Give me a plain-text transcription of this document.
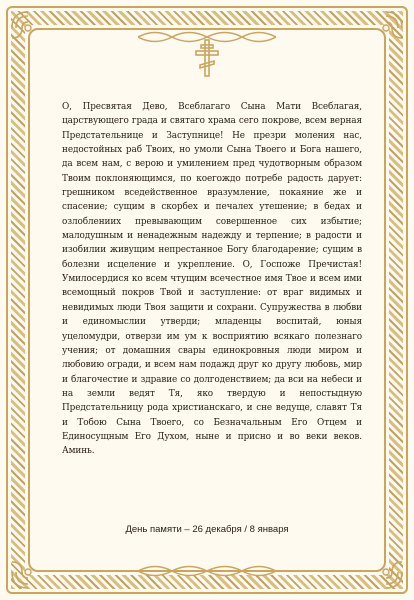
О, Пресвятая Дево, Всеблагаго Сына Мати Всеблагая, царствующего града и святаго храма сего покрове, всем верная Предстательнице и Заступнице! Не презри моления нас, недостойных раб Твоих, но умоли Сына Твоего и Бога нашего, да всем нам, с верою и умилением пред чудотворным образом Твоим поклоняющимся, по коегождо потребе радость дарует: грешником вседейственное вразумление, покаяние же и спасение; сущим в скорбех и печалех утешение; в бедах и озлоблениих превывающим совершенное сих избытие; малодушным и ненадежным надежду и терпение; в радости и изобилии живущим непрестанное Богу благодарение; сущим в болезни исцеление и укрепление. О, Госпоже Пречистая! Умилосердися ко всем чтущим всечестное имя Твое и всем ими всемощный покров Твой и заступление: от враг видимых и невидимых люди Твоя защити и сохрани. Супружества в любви и единомыслии утверди; младенцы воспитай, юныя уцеломудри, отверзи им ум к восприятию всякаго полезнаго учения; от домашния свары единокровныя люди миром и любовию огради, и всем нам подажд друг ко другу любовь, мир и благочестие и здравие со долгоденствием; да вси на небеси и на земли ведят Тя, яко твердую и непостыдную Предстательницу рода христианскаго, и сне ведуще, славят Тя и Тобою Сына Твоего, со Безначальным Его Отцем и Единосущным Его Духом, ныне и присно и во веки веков. Аминь.

День памяти – 26 декабря / 8 января
